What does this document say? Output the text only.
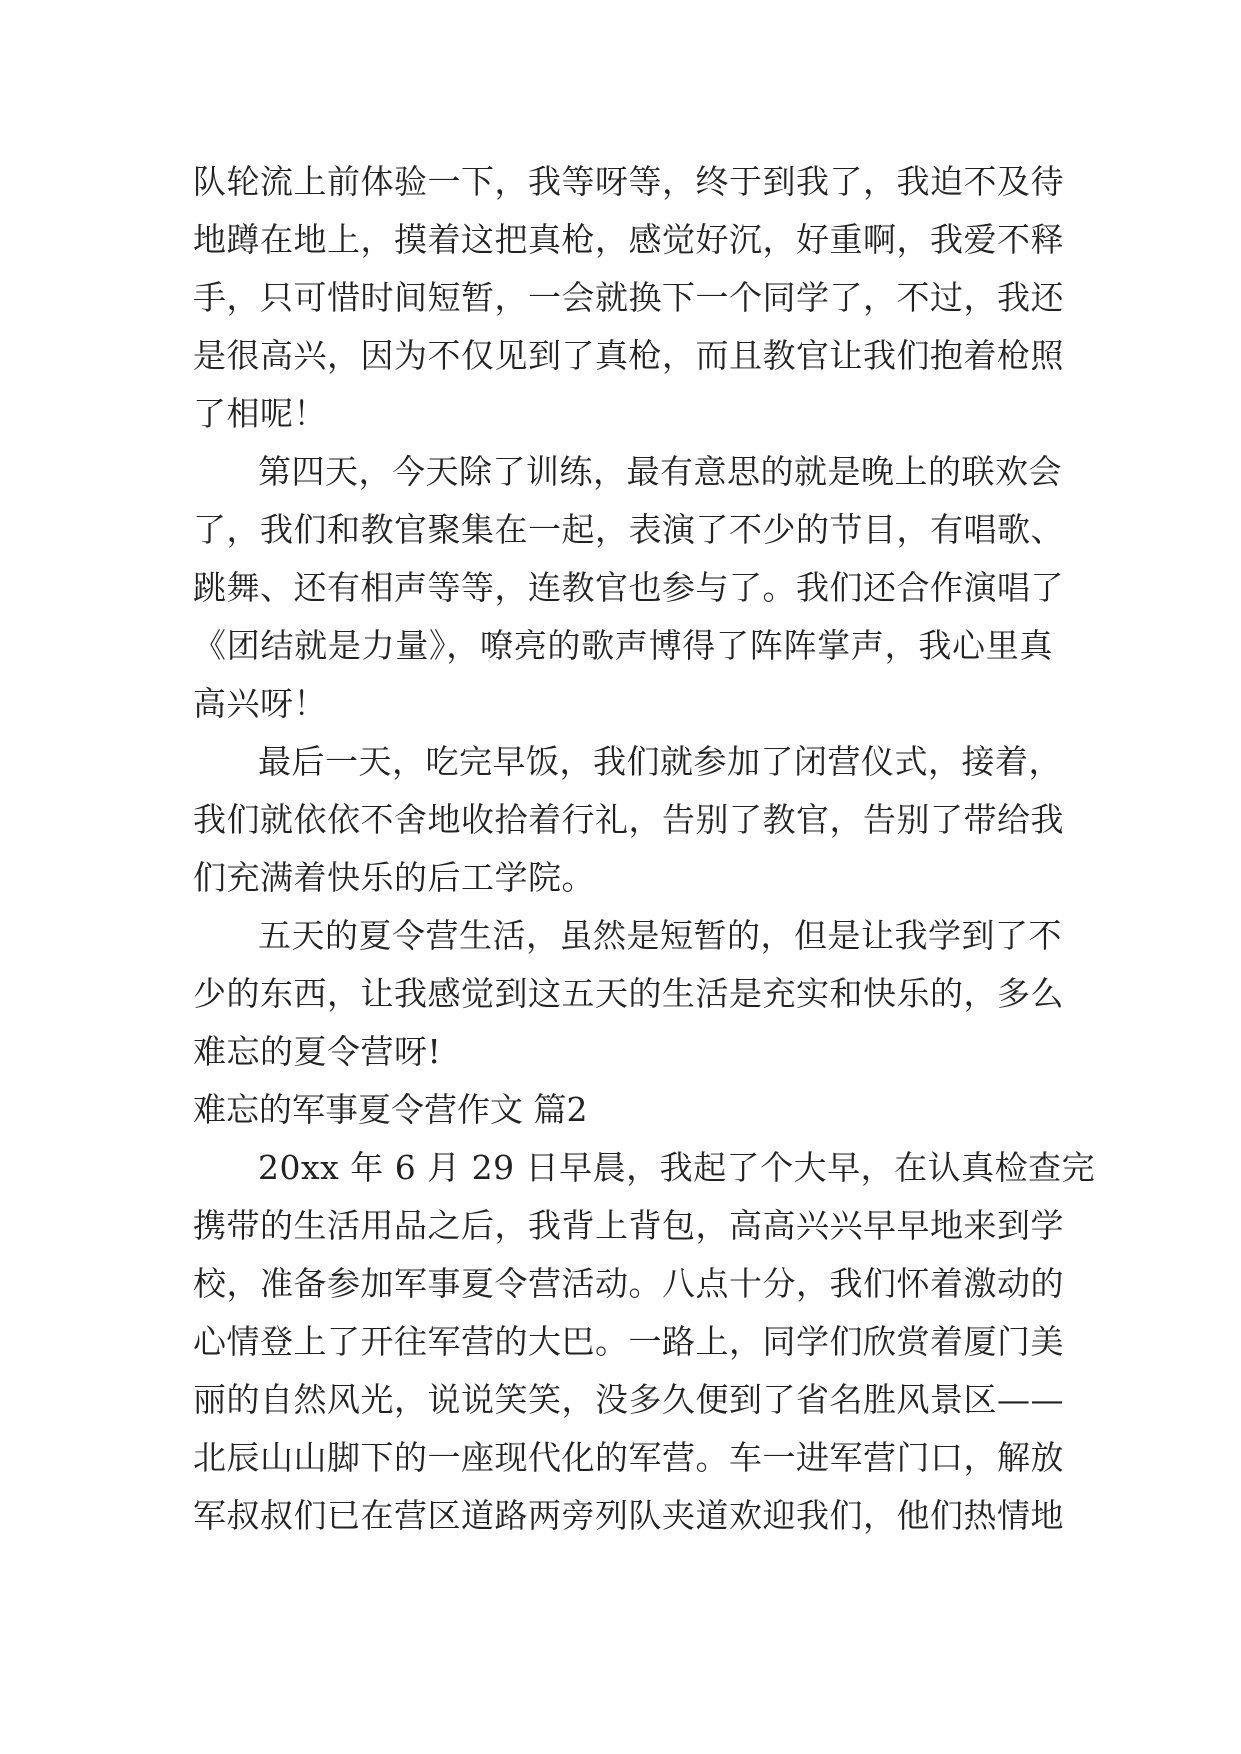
队轮流上前体验一下，我等呀等，终于到我了，我迫不及待
地蹲在地上，摸着这把真枪，感觉好沉，好重啊，我爱不释
手，只可惜时间短暂，一会就换下一个同学了，不过，我还
是很高兴，因为不仅见到了真枪，而且教官让我们抱着枪照
了相呢！
第四天，今天除了训练，最有意思的就是晚上的联欢会
了，我们和教官聚集在一起，表演了不少的节目，有唱歌、
跳舞、还有相声等等，连教官也参与了。我们还合作演唱了
《团结就是力量》，嘹亮的歌声博得了阵阵掌声，我心里真
高兴呀！
最后一天，吃完早饭，我们就参加了闭营仪式，接着，
我们就依依不舍地收拾着行礼，告别了教官，告别了带给我
们充满着快乐的后工学院。
五天的夏令营生活，虽然是短暂的，但是让我学到了不
少的东西，让我感觉到这五天的生活是充实和快乐的，多么
难忘的夏令营呀!
难忘的军事夏令营作文 篇2
20xx 年 6 月 29 日早晨，我起了个大早，在认真检查完
携带的生活用品之后，我背上背包，高高兴兴早早地来到学
校，准备参加军事夏令营活动。八点十分，我们怀着激动的
心情登上了开往军营的大巴。一路上，同学们欣赏着厦门美
丽的自然风光，说说笑笑，没多久便到了省名胜风景区——
北辰山山脚下的一座现代化的军营。车一进军营门口，解放
军叔叔们已在营区道路两旁列队夹道欢迎我们，他们热情地
